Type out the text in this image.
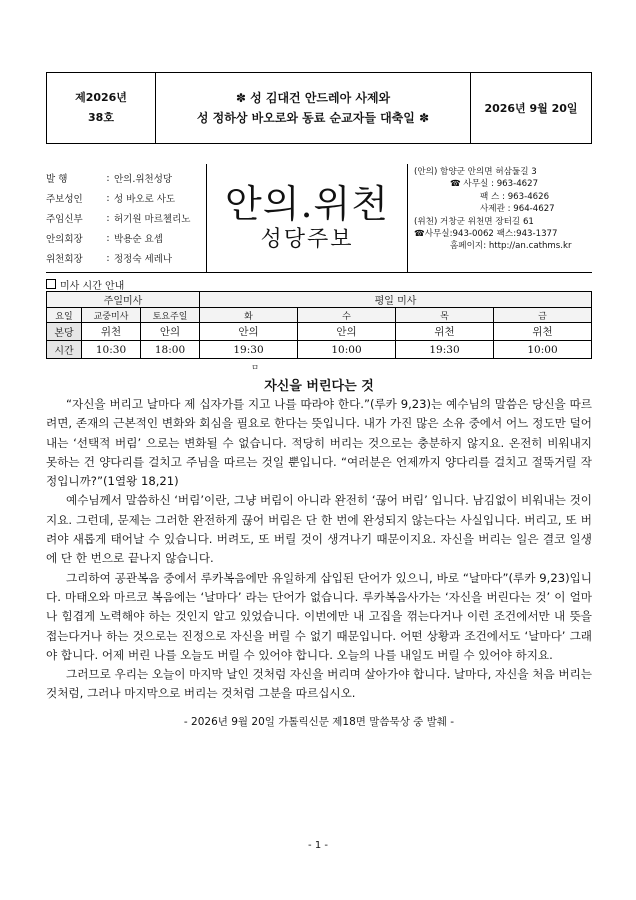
제2026년
38호
✽ 성 김대건 안드레아 사제와
성 정하상 바오로와 동료 순교자들 대축일 ✽
2026년 9월 20일
발 행	: 안의.위천성당
주보성인	: 성 바오로 사도
주임신부	: 허기원 마르첼리노
안의회장	: 박용순 요셉
위천회장	: 정정숙 세레나
안의.위천
성당주보
(안의) 함양군 안의면 허삼둘길 3
☎ 사무실 : 963-4627
팩 스 : 963-4626
사제관 : 964-4627
(위천) 거창군 위천면 장터길 61
☎사무실:943-0062 팩스:943-1377
홈페이지: http://an.cathms.kr
미사 시간 안내
주일미사			평일 미사			
요일	교중미사	토요주일	화	수	목	금
본당	위천	안의	안의	안의	위천	위천
시간	10:30	18:00	19:30	10:00	19:30	10:00
ㅁ
자신을 버린다는 것

“자신을 버리고 날마다 제 십자가를 지고 나를 따라야 한다.”(루카 9,23)는 예수님의 말씀은 당신을 따르려면, 존재의 근본적인 변화와 회심을 필요로 한다는 뜻입니다. 내가 가진 많은 소유 중에서 어느 정도만 덜어내는 ‘선택적 버림’ 으로는 변화될 수 없습니다. 적당히 버리는 것으로는 충분하지 않지요. 온전히 비워내지 못하는 건 양다리를 걸치고 주님을 따르는 것일 뿐입니다. “여러분은 언제까지 양다리를 걸치고 절뚝거릴 작정입니까?”(1열왕 18,21)

예수님께서 말씀하신 ‘버림’이란, 그냥 버림이 아니라 완전히 ‘끊어 버림’ 입니다. 남김없이 비워내는 것이지요. 그런데, 문제는 그러한 완전하게 끊어 버림은 단 한 번에 완성되지 않는다는 사실입니다. 버리고, 또 버려야 새롭게 태어날 수 있습니다. 버려도, 또 버릴 것이 생겨나기 때문이지요. 자신을 버리는 일은 결코 일생에 단 한 번으로 끝나지 않습니다.

그리하여 공관복음 중에서 루카복음에만 유일하게 삽입된 단어가 있으니, 바로 “날마다”(루카 9,23)입니다. 마태오와 마르코 복음에는 ‘날마다’ 라는 단어가 없습니다. 루카복음사가는 ‘자신을 버린다는 것’ 이 얼마나 힘겹게 노력해야 하는 것인지 알고 있었습니다. 이번에만 내 고집을 꺾는다거나 이런 조건에서만 내 뜻을 접는다거나 하는 것으로는 진정으로 자신을 버릴 수 없기 때문입니다. 어떤 상황과 조건에서도 ‘날마다’ 그래야 합니다. 어제 버린 나를 오늘도 버릴 수 있어야 합니다. 오늘의 나를 내일도 버릴 수 있어야 하지요.

그러므로 우리는 오늘이 마지막 날인 것처럼 자신을 버리며 살아가야 합니다. 날마다, 자신을 처음 버리는 것처럼, 그러나 마지막으로 버리는 것처럼 그분을 따르십시오.

- 2026년 9월 20일 가톨릭신문 제18면 말씀묵상 중 발췌 -
- 1 -
